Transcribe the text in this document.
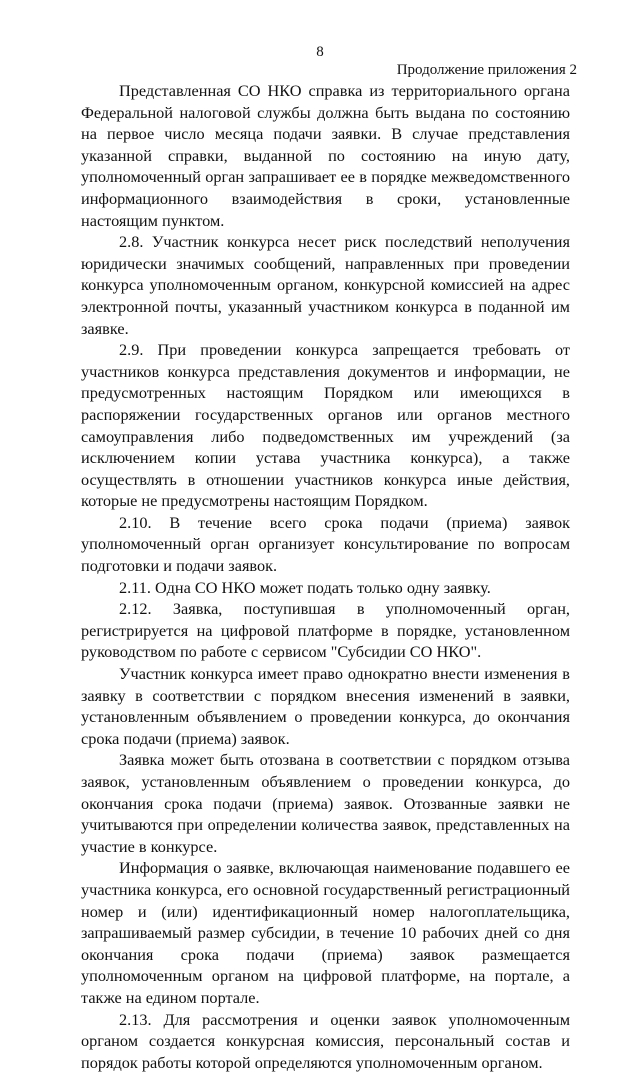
8
Продолжение приложения 2

Представленная СО НКО справка из территориального органа Федеральной налоговой службы должна быть выдана по состоянию на первое число месяца подачи заявки. В случае представления указанной справки, выданной по состоянию на иную дату, уполномоченный орган запрашивает ее в порядке межведомственного информационного взаимодействия в сроки, установленные настоящим пунктом.

2.8. Участник конкурса несет риск последствий неполучения юридически значимых сообщений, направленных при проведении конкурса уполномоченным органом, конкурсной комиссией на адрес электронной почты, указанный участником конкурса в поданной им заявке.

2.9. При проведении конкурса запрещается требовать от участников конкурса представления документов и информации, не предусмотренных настоящим Порядком или имеющихся в распоряжении государственных органов или органов местного самоуправления либо подведомственных им учреждений (за исключением копии устава участника конкурса), а также осуществлять в отношении участников конкурса иные действия, которые не предусмотрены настоящим Порядком.

2.10. В течение всего срока подачи (приема) заявок уполномоченный орган организует консультирование по вопросам подготовки и подачи заявок.

2.11. Одна СО НКО может подать только одну заявку.

2.12. Заявка, поступившая в уполномоченный орган, регистрируется на цифровой платформе в порядке, установленном руководством по работе с сервисом "Субсидии СО НКО".

Участник конкурса имеет право однократно внести изменения в заявку в соответствии с порядком внесения изменений в заявки, установленным объявлением о проведении конкурса, до окончания срока подачи (приема) заявок.

Заявка может быть отозвана в соответствии с порядком отзыва заявок, установленным объявлением о проведении конкурса, до окончания срока подачи (приема) заявок. Отозванные заявки не учитываются при определении количества заявок, представленных на участие в конкурсе.

Информация о заявке, включающая наименование подавшего ее участника конкурса, его основной государственный регистрационный номер и (или) идентификационный номер налогоплательщика, запрашиваемый размер субсидии, в течение 10 рабочих дней со дня окончания срока подачи (приема) заявок размещается уполномоченным органом на цифровой платформе, на портале, а также на едином портале.

2.13. Для рассмотрения и оценки заявок уполномоченным органом создается конкурсная комиссия, персональный состав и порядок работы которой определяются уполномоченным органом.
